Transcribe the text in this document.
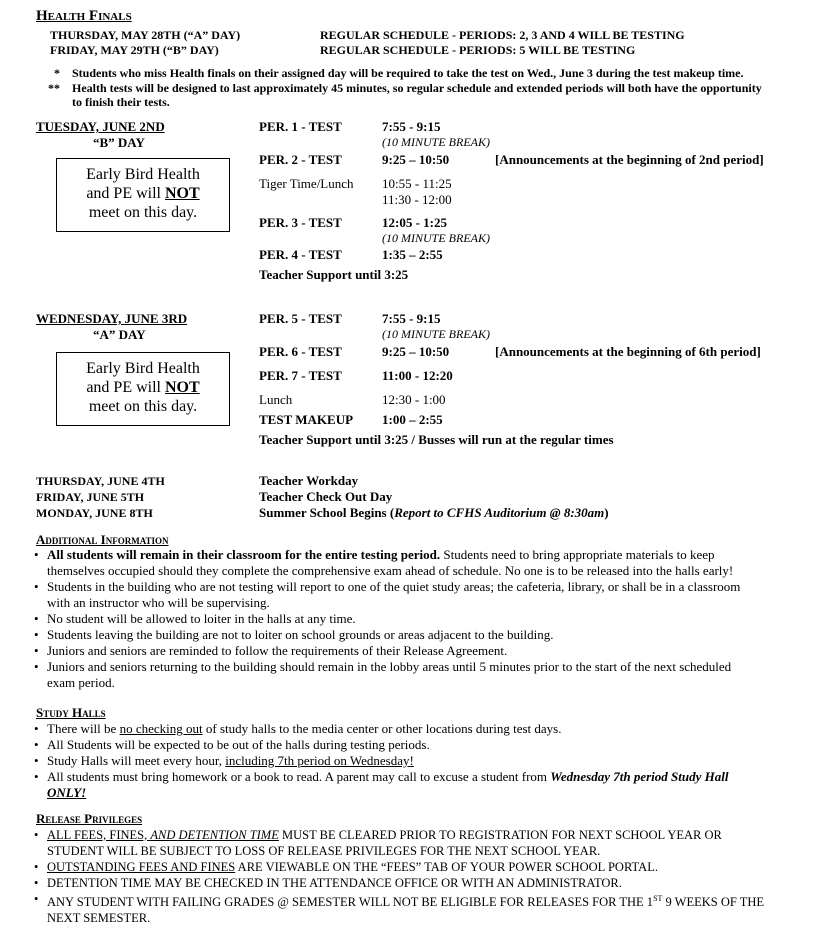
Health Finals
THURSDAY, MAY 28TH (“A” DAY)	REGULAR SCHEDULE - PERIODS: 2, 3 AND 4 WILL BE TESTING
FRIDAY, MAY 29TH (“B” DAY)	REGULAR SCHEDULE - PERIODS: 5 WILL BE TESTING
* Students who miss Health finals on their assigned day will be required to take the test on Wed., June 3 during the test makeup time.
** Health tests will be designed to last approximately 45 minutes, so regular schedule and extended periods will both have the opportunity
to finish their tests.
TUESDAY, JUNE 2ND
“B” DAY
Early Bird Health
and PE will NOT
meet on this day.
PER. 1 - TEST	7:55 - 9:15
(10 MINUTE BREAK)
PER. 2 - TEST	9:25 – 10:50	[Announcements at the beginning of 2nd period]
Tiger Time/Lunch 10:55 - 11:25
11:30 - 12:00
PER. 3 - TEST	12:05 - 1:25
(10 MINUTE BREAK)
PER. 4 - TEST	1:35 – 2:55
Teacher Support until 3:25
WEDNESDAY, JUNE 3RD
“A” DAY
Early Bird Health
and PE will NOT
meet on this day.
PER. 5 - TEST	7:55 - 9:15
(10 MINUTE BREAK)
PER. 6 - TEST	9:25 – 10:50	[Announcements at the beginning of 6th period]
PER. 7 - TEST	11:00 - 12:20
Lunch	12:30 - 1:00
TEST MAKEUP 1:00 – 2:55
Teacher Support until 3:25 / Busses will run at the regular times
THURSDAY, JUNE 4TH	Teacher Workday
FRIDAY, JUNE 5TH	Teacher Check Out Day
MONDAY, JUNE 8TH	Summer School Begins (Report to CFHS Auditorium @ 8:30am)
Additional Information
• All students will remain in their classroom for the entire testing period. Students need to bring appropriate materials to keep
themselves occupied should they complete the comprehensive exam ahead of schedule. No one is to be released into the halls early!
• Students in the building who are not testing will report to one of the quiet study areas; the cafeteria, library, or shall be in a classroom
with an instructor who will be supervising.
• No student will be allowed to loiter in the halls at any time.
• Students leaving the building are not to loiter on school grounds or areas adjacent to the building.
• Juniors and seniors are reminded to follow the requirements of their Release Agreement.
• Juniors and seniors returning to the building should remain in the lobby areas until 5 minutes prior to the start of the next scheduled
exam period.
Study Halls
• There will be no checking out of study halls to the media center or other locations during test days.
• All Students will be expected to be out of the halls during testing periods.
• Study Halls will meet every hour, including 7th period on Wednesday!
• All students must bring homework or a book to read. A parent may call to excuse a student from Wednesday 7th period Study Hall
ONLY!
Release Privileges
• ALL FEES, FINES, AND DETENTION TIME MUST BE CLEARED PRIOR TO REGISTRATION FOR NEXT SCHOOL YEAR OR
STUDENT WILL BE SUBJECT TO LOSS OF RELEASE PRIVILEGES FOR THE NEXT SCHOOL YEAR.
• OUTSTANDING FEES AND FINES ARE VIEWABLE ON THE “FEES” TAB OF YOUR POWER SCHOOL PORTAL.
• DETENTION TIME MAY BE CHECKED IN THE ATTENDANCE OFFICE OR WITH AN ADMINISTRATOR.
• ANY STUDENT WITH FAILING GRADES @ SEMESTER WILL NOT BE ELIGIBLE FOR RELEASES FOR THE 1ST 9 WEEKS OF THE
NEXT SEMESTER.
